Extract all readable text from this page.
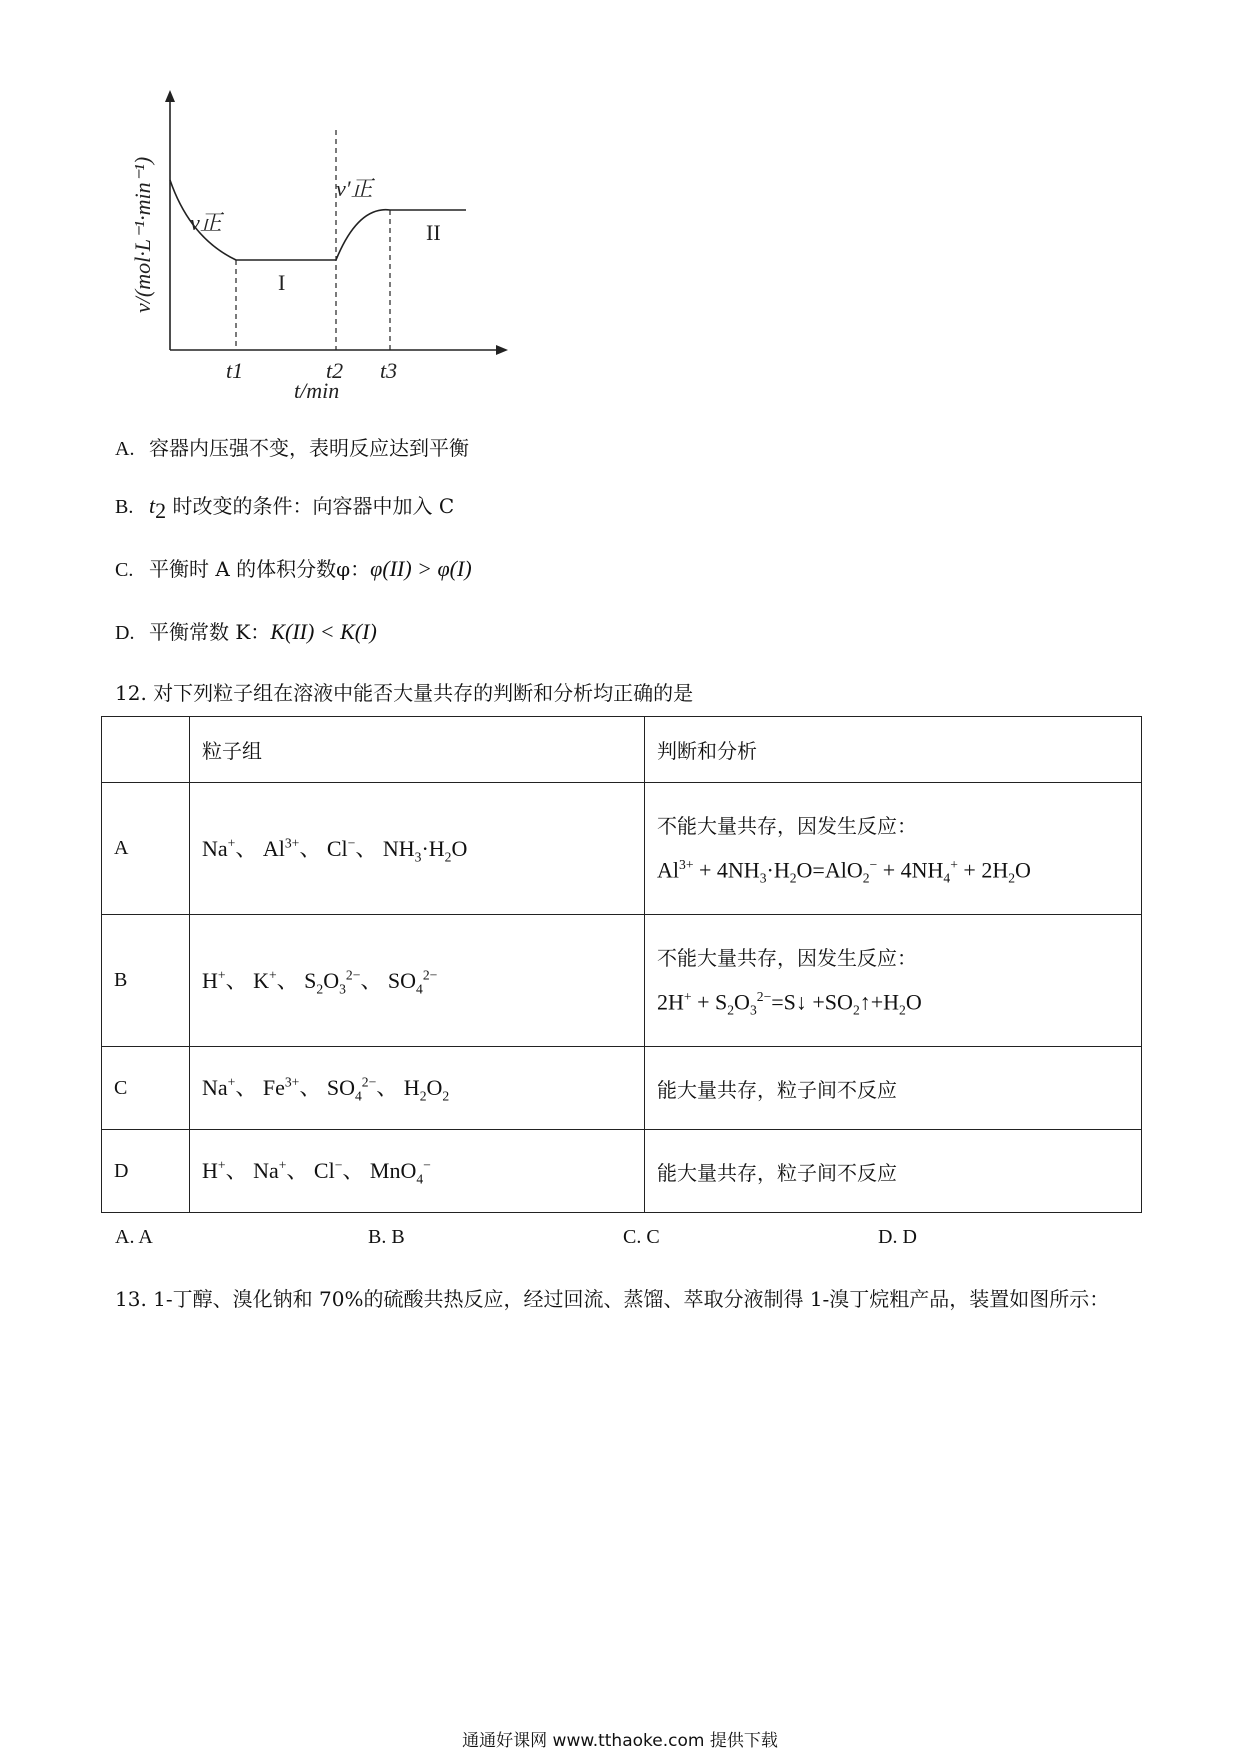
v/(mol·L⁻¹·min⁻¹)
t/min
v正
v′正
I
II
t1	t2 t3
A. 容器内压强不变，表明反应达到平衡
B. $t_2$ 时改变的条件：向容器中加入 C
C. 平衡时 A 的体积分数φ：φ(II) > φ(I)
D. 平衡常数 K：K(II) < K(I)
12. 对下列粒子组在溶液中能否大量共存的判断和分析均正确的是
	粒子组	判断和分析
A	Na+、 $Al^{3+}$、 Cl−、 $NH_3\cdot H_2O$	不能大量共存，因发生反应：
$Al^{3+} + 4NH_3\cdot H_2O=AlO_2^- + 4NH_4^+ + 2H_2O$

B	H+、 K+、 $S_2O_3^{2-}$、 $SO_4^{2-}$	不能大量共存，因发生反应：
$2H^+ + S_2O_3^{2-}=S↓$ $+SO_2↑+H_2O$

C	Na+、 $Fe^{3+}$、 $SO_4^{2-}$、 $H_2O_2$	能大量共存，粒子间不反应
D	H+、 Na+、 Cl−、 MnO$_4$−	能大量共存，粒子间不反应
A. A	B. B	C. C	D. D
13. 1-丁醇、溴化钠和 70%的硫酸共热反应，经过回流、蒸馏、萃取分液制得 1-溴丁烷粗产品，装置如图所示：
通通好课网 www.tthaoke.com 提供下载
